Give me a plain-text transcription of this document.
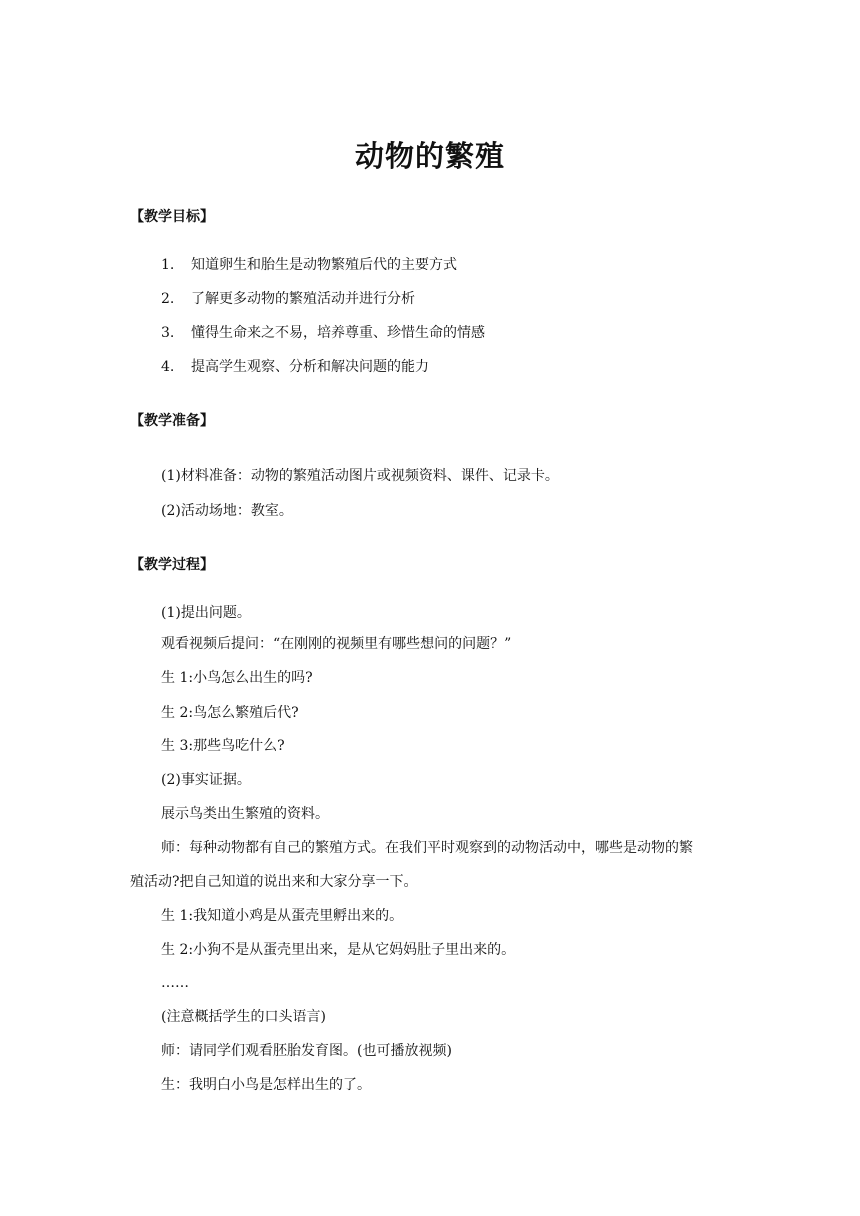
动物的繁殖
【教学目标】
1. 知道卵生和胎生是动物繁殖后代的主要方式
2. 了解更多动物的繁殖活动并进行分析
3. 懂得生命来之不易，培养尊重、珍惜生命的情感
4. 提高学生观察、分析和解决问题的能力
【教学准备】
(1)材料准备：动物的繁殖活动图片或视频资料、课件、记录卡。
(2)活动场地：教室。
【教学过程】
(1)提出问题。
观看视频后提问：“在刚刚的视频里有哪些想问的问题？”
生 1:小鸟怎么出生的吗?
生 2:鸟怎么繁殖后代?
生 3:那些鸟吃什么?
(2)事实证据。
展示鸟类出生繁殖的资料。
师：每种动物都有自己的繁殖方式。在我们平时观察到的动物活动中，哪些是动物的繁
殖活动?把自己知道的说出来和大家分享一下。
生 1:我知道小鸡是从蛋壳里孵出来的。
生 2:小狗不是从蛋壳里出来，是从它妈妈肚子里出来的。
……
(注意概括学生的口头语言)
师：请同学们观看胚胎发育图。(也可播放视频)
生：我明白小鸟是怎样出生的了。
